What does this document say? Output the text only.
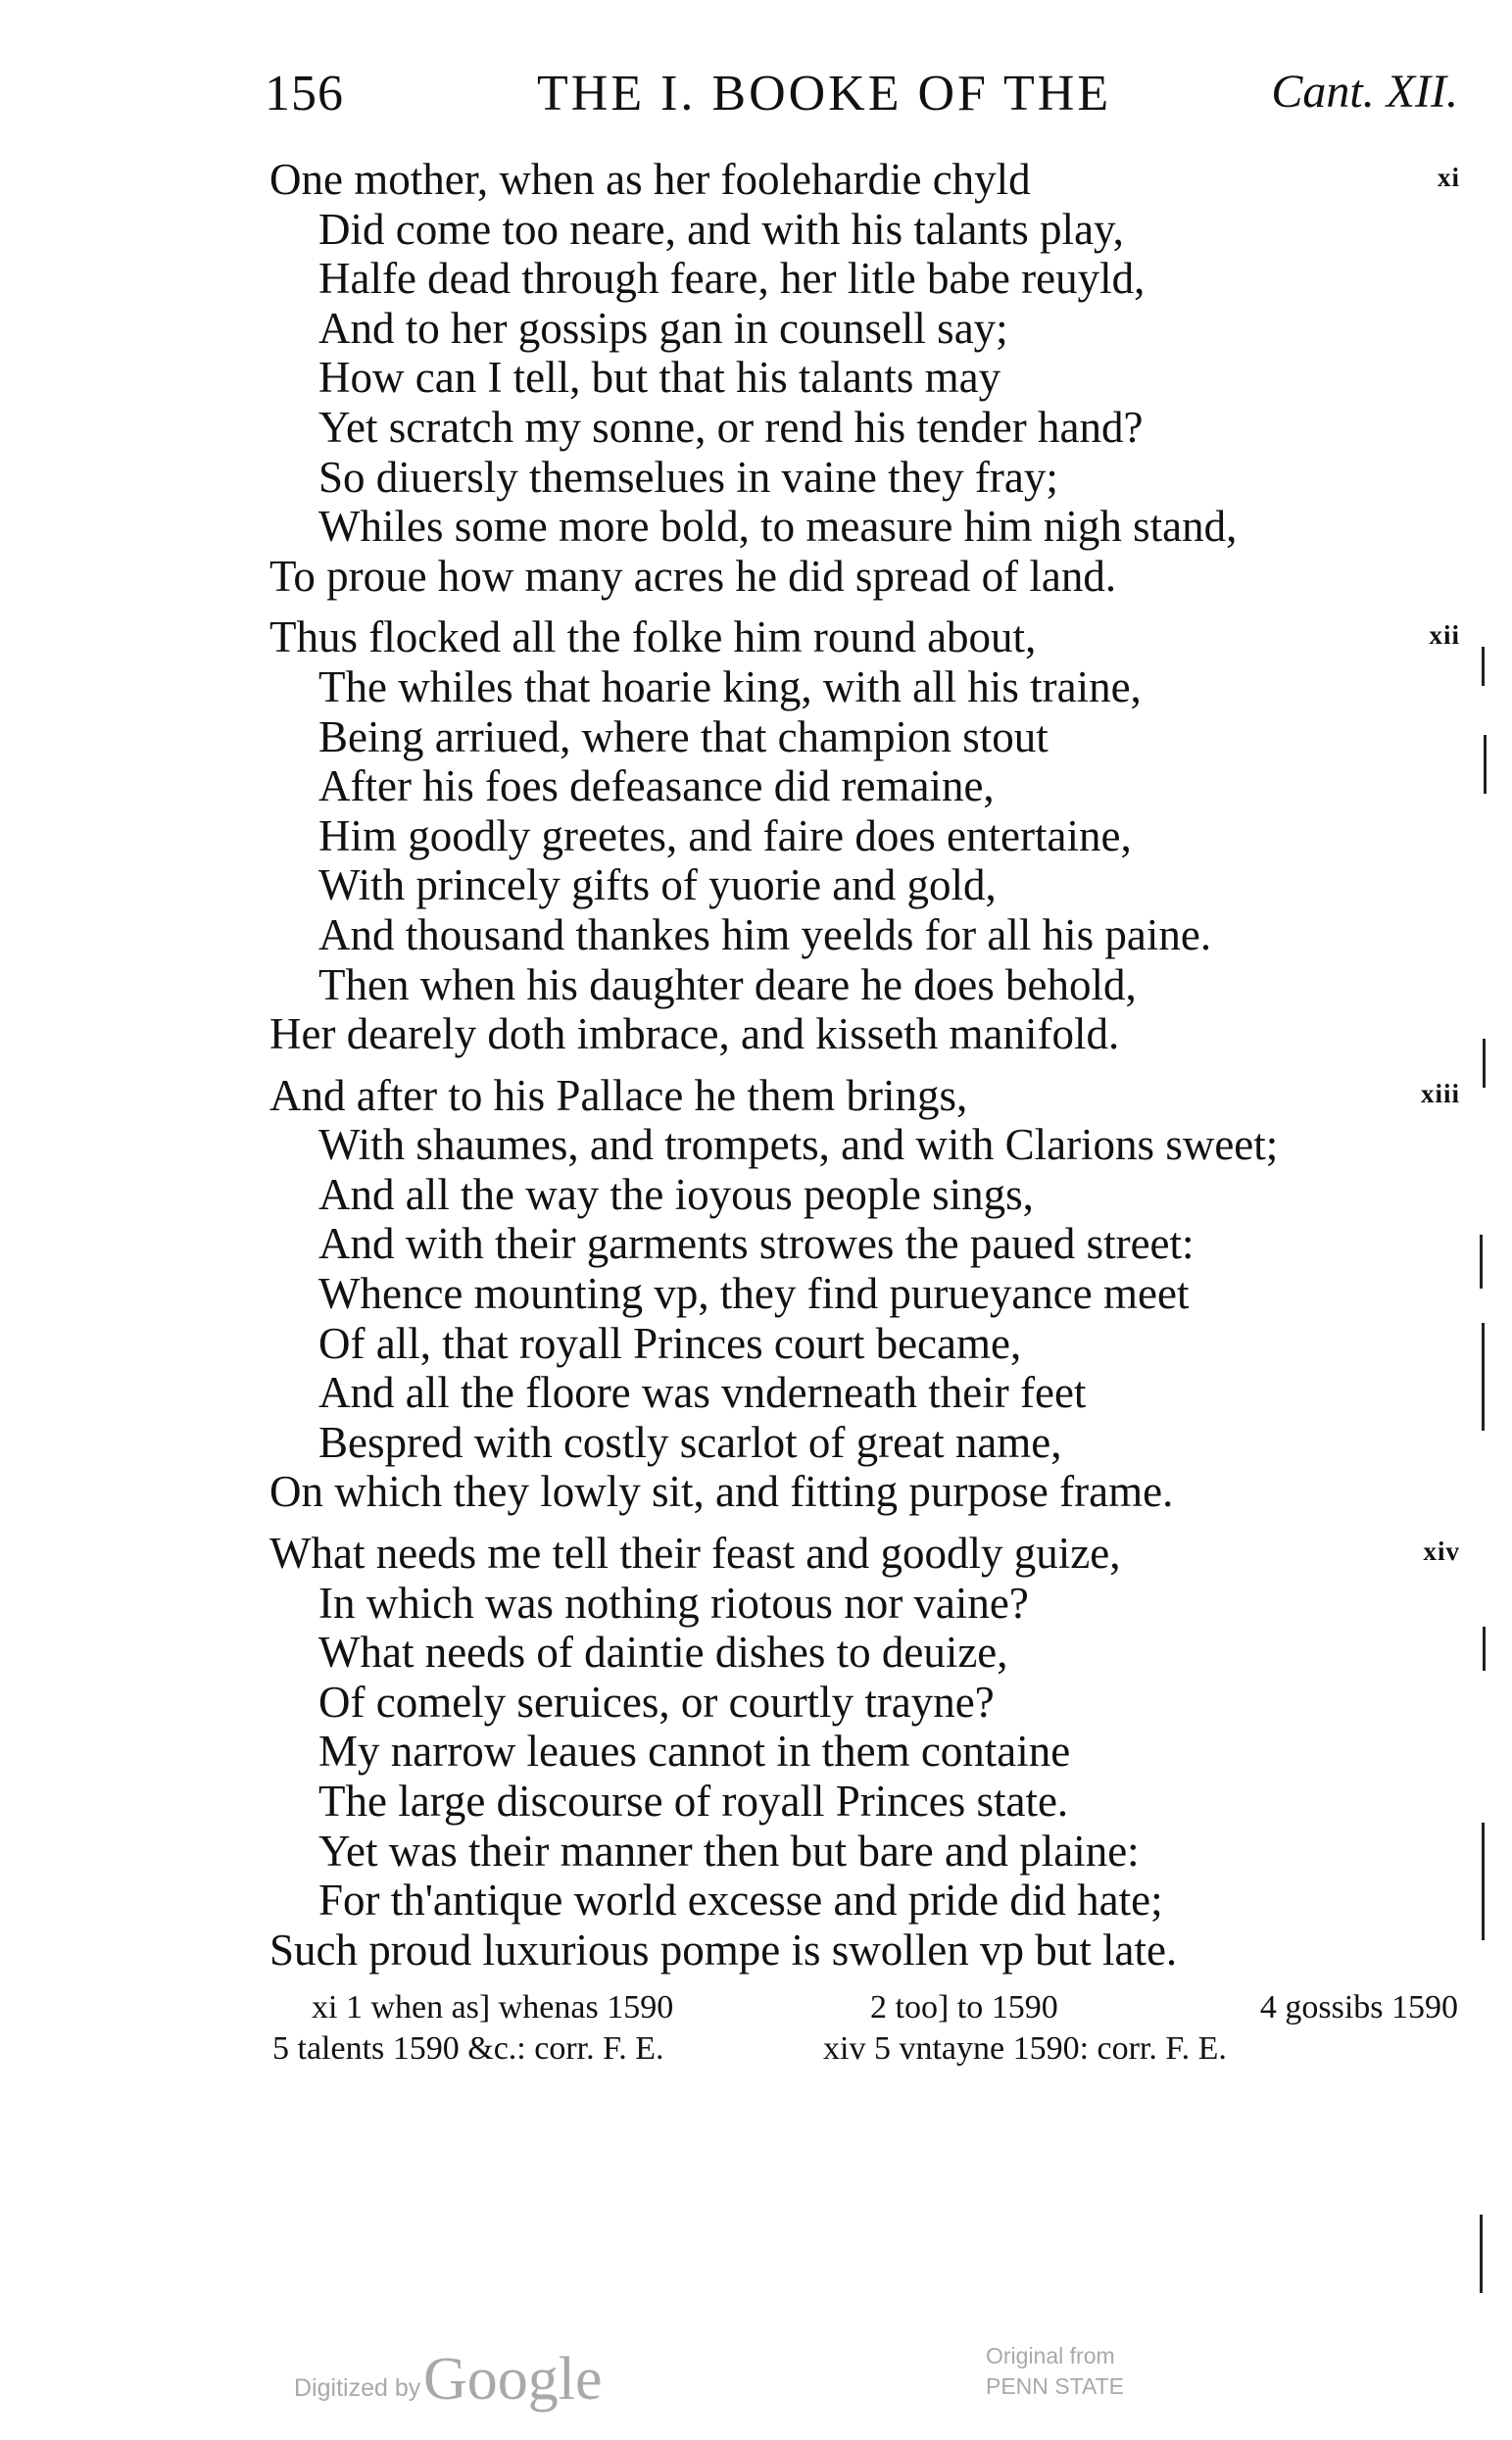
156	THE I. BOOKE OF THE	Cant. XII.
xi
One mother, when as her foolehardie chyld
Did come too neare, and with his talants play,
Halfe dead through feare, her litle babe reuyld,
And to her gossips gan in counsell say;
How can I tell, but that his talants may
Yet scratch my sonne, or rend his tender hand?
So diuersly themselues in vaine they fray;
Whiles some more bold, to measure him nigh stand,
To proue how many acres he did spread of land.
xii
Thus flocked all the folke him round about,
The whiles that hoarie king, with all his traine,
Being arriued, where that champion stout
After his foes defeasance did remaine,
Him goodly greetes, and faire does entertaine,
With princely gifts of yuorie and gold,
And thousand thankes him yeelds for all his paine.
Then when his daughter deare he does behold,
Her dearely doth imbrace, and kisseth manifold.
xiii
And after to his Pallace he them brings,
With shaumes, and trompets, and with Clarions sweet;
And all the way the ioyous people sings,
And with their garments strowes the paued street:
Whence mounting vp, they find purueyance meet
Of all, that royall Princes court became,
And all the floore was vnderneath their feet
Bespred with costly scarlot of great name,
On which they lowly sit, and fitting purpose frame.
xiv
What needs me tell their feast and goodly guize,
In which was nothing riotous nor vaine?
What needs of daintie dishes to deuize,
Of comely seruices, or courtly trayne?
My narrow leaues cannot in them containe
The large discourse of royall Princes state.
Yet was their manner then but bare and plaine:
For th'antique world excesse and pride did hate;
Such proud luxurious pompe is swollen vp but late.
xi 1 when as] whenas 1590	2 too] to 1590	4 gossibs 1590
5 talents 1590 &c.: corr. F. E.	xiv 5 vntayne 1590: corr. F. E.
Digitized by Google	Original from
PENN STATE
